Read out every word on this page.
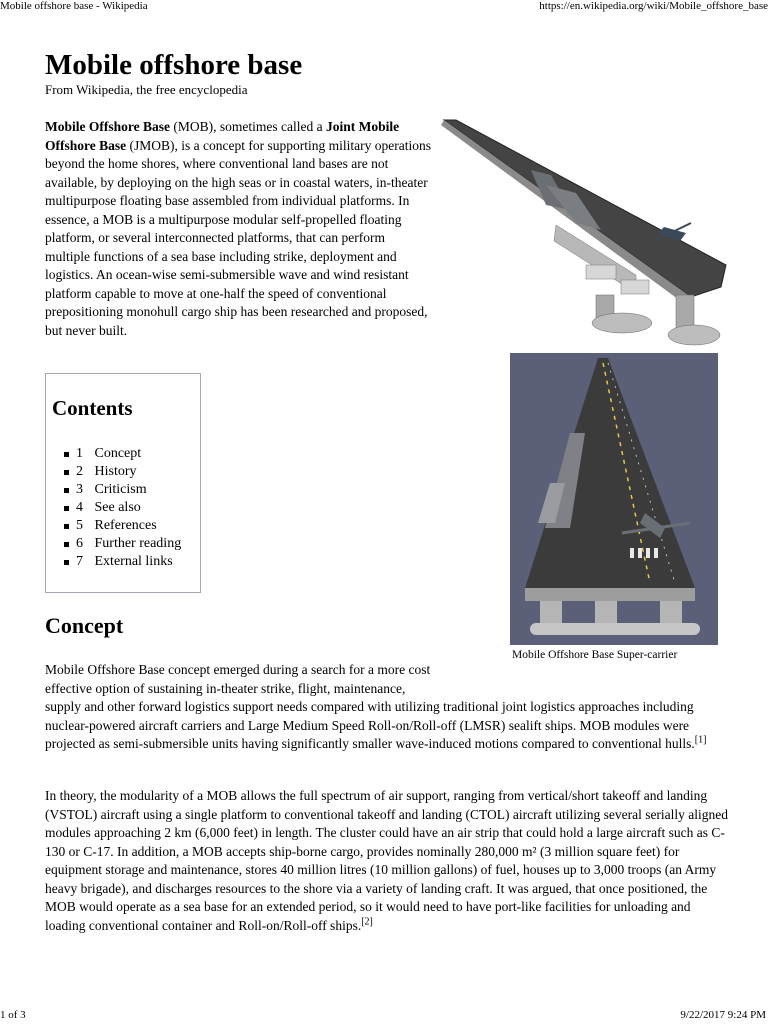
Mobile offshore base - Wikipedia	https://en.wikipedia.org/wiki/Mobile_offshore_base
Mobile offshore base
From Wikipedia, the free encyclopedia
Mobile Offshore Base (MOB), sometimes called a Joint Mobile Offshore Base (JMOB), is a concept for supporting military operations beyond the home shores, where conventional land bases are not available, by deploying on the high seas or in coastal waters, in-theater multipurpose floating base assembled from individual platforms. In essence, a MOB is a multipurpose modular self-propelled floating platform, or several interconnected platforms, that can perform multiple functions of a sea base including strike, deployment and logistics. An ocean-wise semi-submersible wave and wind resistant platform capable to move at one-half the speed of conventional prepositioning monohull cargo ship has been researched and proposed, but never built.
Mobile Offshore Base Super-carrier
Contents
1 Concept
2 History
3 Criticism
4 See also
5 References
6 Further reading
7 External links
Concept
Mobile Offshore Base concept emerged during a search for a more cost effective option of sustaining in-theater strike, flight, maintenance,
supply and other forward logistics support needs compared with utilizing traditional joint logistics approaches including nuclear-powered aircraft carriers and Large Medium Speed Roll-on/Roll-off (LMSR) sealift ships. MOB modules were projected as semi-submersible units having significantly smaller wave-induced motions compared to conventional hulls.[1]
In theory, the modularity of a MOB allows the full spectrum of air support, ranging from vertical/short takeoff and landing (VSTOL) aircraft using a single platform to conventional takeoff and landing (CTOL) aircraft utilizing several serially aligned modules approaching 2 km (6,000 feet) in length. The cluster could have an air strip that could hold a large aircraft such as C-130 or C-17. In addition, a MOB accepts ship-borne cargo, provides nominally 280,000 m² (3 million square feet) for equipment storage and maintenance, stores 40 million litres (10 million gallons) of fuel, houses up to 3,000 troops (an Army heavy brigade), and discharges resources to the shore via a variety of landing craft. It was argued, that once positioned, the MOB would operate as a sea base for an extended period, so it would need to have port-like facilities for unloading and loading conventional container and Roll-on/Roll-off ships.[2]
1 of 3	9/22/2017 9:24 PM
